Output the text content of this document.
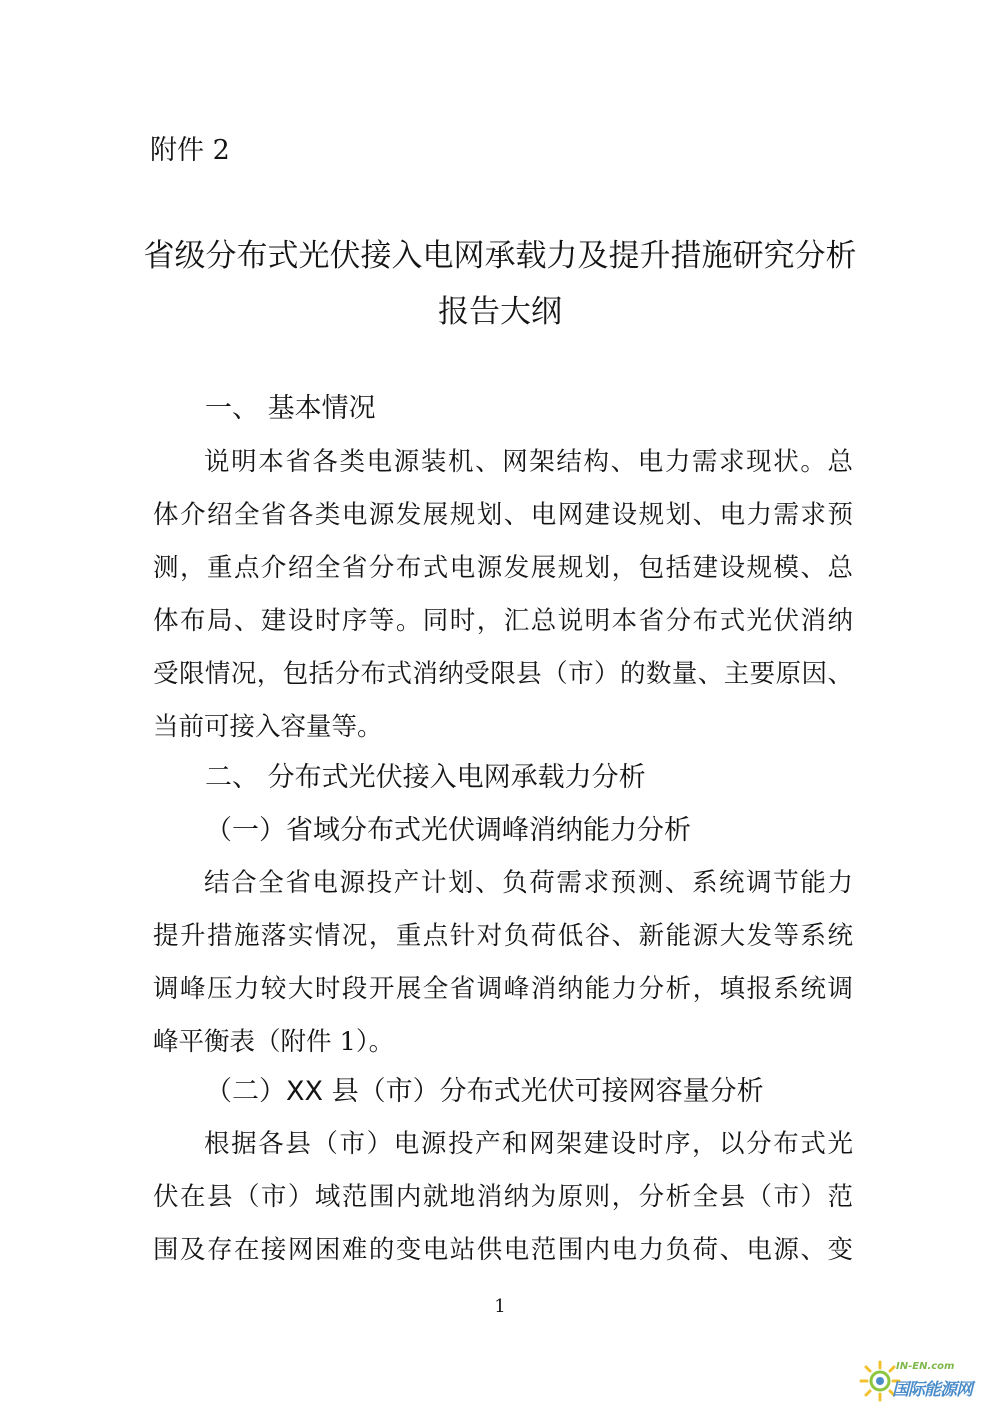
附件 2
省级分布式光伏接入电网承载力及提升措施研究分析
报告大纲
一、 基本情况
说明本省各类电源装机、网架结构、电力需求现状。总
体介绍全省各类电源发展规划、电网建设规划、电力需求预
测，重点介绍全省分布式电源发展规划，包括建设规模、总
体布局、建设时序等。同时，汇总说明本省分布式光伏消纳
受限情况，包括分布式消纳受限县（市）的数量、主要原因、
当前可接入容量等。
二、 分布式光伏接入电网承载力分析
（一）省域分布式光伏调峰消纳能力分析
结合全省电源投产计划、负荷需求预测、系统调节能力
提升措施落实情况，重点针对负荷低谷、新能源大发等系统
调峰压力较大时段开展全省调峰消纳能力分析，填报系统调
峰平衡表（附件 1）。
（二）XX 县（市）分布式光伏可接网容量分析
根据各县（市）电源投产和网架建设时序，以分布式光
伏在县（市）域范围内就地消纳为原则，分析全县（市）范
围及存在接网困难的变电站供电范围内电力负荷、电源、变
1
IN-EN.com
国际能源网
